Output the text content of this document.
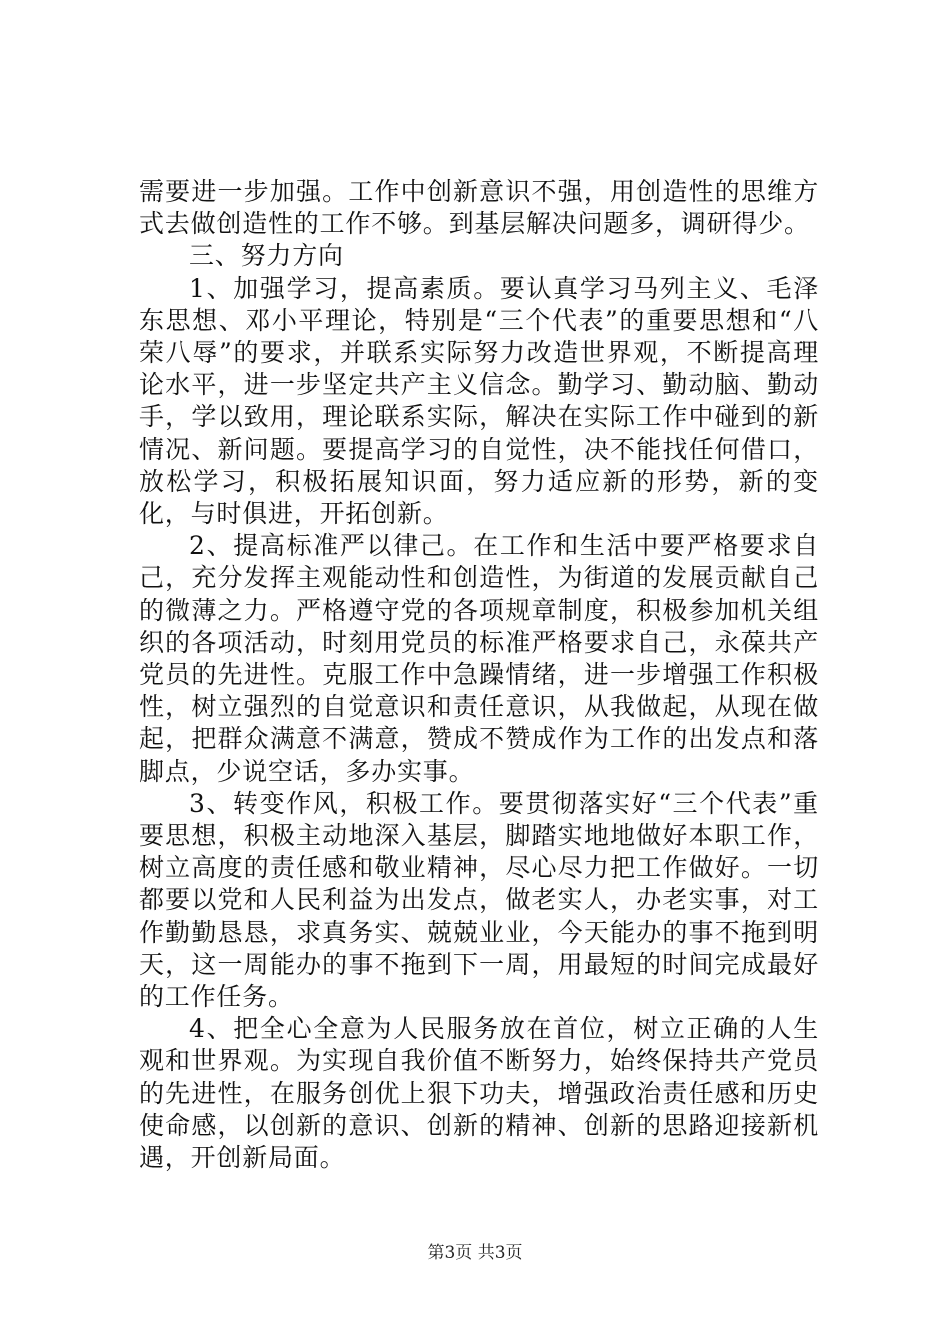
需要进一步加强。工作中创新意识不强，用创造性的思维方式去做创造性的工作不够。到基层解决问题多，调研得少。

三、努力方向

1、加强学习，提高素质。要认真学习马列主义、毛泽东思想、邓小平理论，特别是“三个代表”的重要思想和“八荣八辱”的要求，并联系实际努力改造世界观，不断提高理论水平，进一步坚定共产主义信念。勤学习、勤动脑、勤动手，学以致用，理论联系实际，解决在实际工作中碰到的新情况、新问题。要提高学习的自觉性，决不能找任何借口，放松学习，积极拓展知识面，努力适应新的形势，新的变化，与时俱进，开拓创新。

2、提高标准严以律己。在工作和生活中要严格要求自己，充分发挥主观能动性和创造性，为街道的发展贡献自己的微薄之力。严格遵守党的各项规章制度，积极参加机关组织的各项活动，时刻用党员的标准严格要求自己，永葆共产党员的先进性。克服工作中急躁情绪，进一步增强工作积极性，树立强烈的自觉意识和责任意识，从我做起，从现在做起，把群众满意不满意，赞成不赞成作为工作的出发点和落脚点，少说空话，多办实事。

3、转变作风，积极工作。要贯彻落实好“三个代表”重要思想，积极主动地深入基层，脚踏实地地做好本职工作，树立高度的责任感和敬业精神，尽心尽力把工作做好。一切都要以党和人民利益为出发点，做老实人，办老实事，对工作勤勤恳恳，求真务实、兢兢业业，今天能办的事不拖到明天，这一周能办的事不拖到下一周，用最短的时间完成最好的工作任务。

4、把全心全意为人民服务放在首位，树立正确的人生观和世界观。为实现自我价值不断努力，始终保持共产党员的先进性，在服务创优上狠下功夫，增强政治责任感和历史使命感，以创新的意识、创新的精神、创新的思路迎接新机遇，开创新局面。

第3页 共3页
